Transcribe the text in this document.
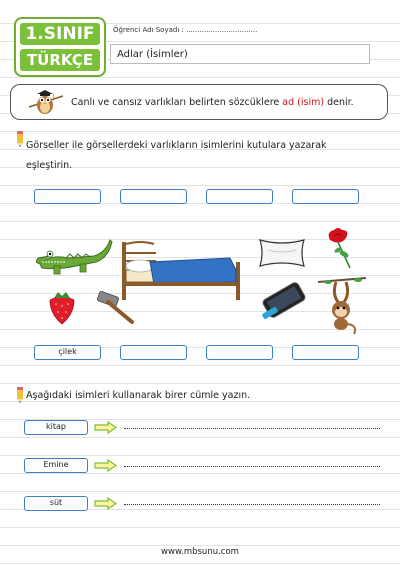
1.SINIF
TÜRKÇE
Öğrenci Adı Soyadı : ................................
Adlar (İsimler)
Canlı ve cansız varlıkları belirten sözcüklere ad (isim) denir.
Görseller ile görsellerdeki varlıkların isimlerini kutulara yazarak
eşleştirin.
çilek
Aşağıdaki isimleri kullanarak birer cümle yazın.
kitap
Emine
süt
www.mbsunu.com
